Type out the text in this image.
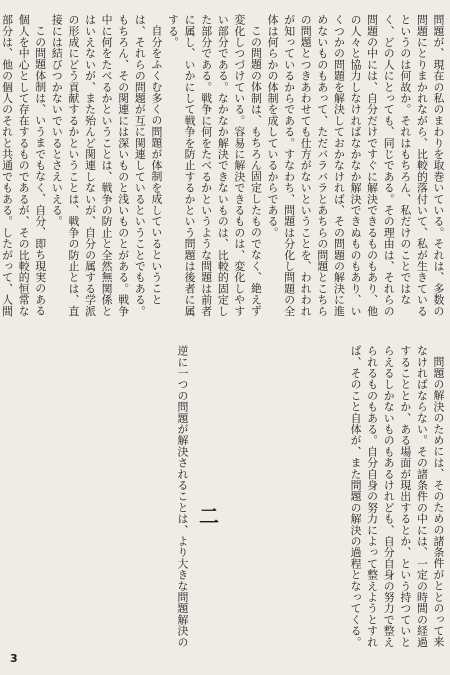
問題が、現在の私のまわりを取巻いている。それは、多数の問題にとりまかれながら、比較的落付いて、私が生きているというのは何故か。それはもちろん、私だけのことではなく、どの人にとっても、同じである。その理由は、それらの問題の中には、自分だけですぐに解決できるものもあり、他の人々と協力しなければなかなか解決できぬものもあり、いくつかの問題を解決しておかなければ、その問題の解決に進めないものもあって、ただバラバラとあちらの問題とこちらの問題とつきあわせても仕方がないということを、われわれが知っているからである。すなわち、問題は分化し問題の全体は何らかの体制を成しているからである。

この問題の体制は、もちろん固定したものでなく、絶えず変化しつづけている。容易に解決できるものは、変化しやすい部分である。なかなか解決できないものは、比較的固定した部分である。戦争に何をたべるかというような問題は前者に属し、いかにして戦争を防止するかという問題は後者に属する。

自分をふくむ多くの問題が体制を成しているということは、それらの問題が互に関連しているということでもある。もちろん、その関連には深いものと浅いものとがある。戦争中に何をたべるかということは、戦争の防止と全然無関係とはいえないが、また殆んど関連しないが、自分の属する学派の形成にどう貢献するかということは、戦争の防止とは、直接には結びつかないでいるとさえいえる。

この問題体制は、いうまでもなく、自分、即ち現実のある個人を中心として存在するものであるが、その比較的恒常な部分は、他の個人のそれと共通でもある。したがって、人間

問題の解決のためには、そのための諸条件がととのって来なければならない。その諸条件の中には、一定の時間の経過することとか、ある場面が現出するとか、という持つていとらえるしかないものもあるけれども、自分自身の努力で整えられるものもある。自分自身の努力によって整えようとすれば、そのこと自体が、また問題の解決の過程となってくる。

二

逆に一つの問題が解決されることは、より大きな問題解決の

3
